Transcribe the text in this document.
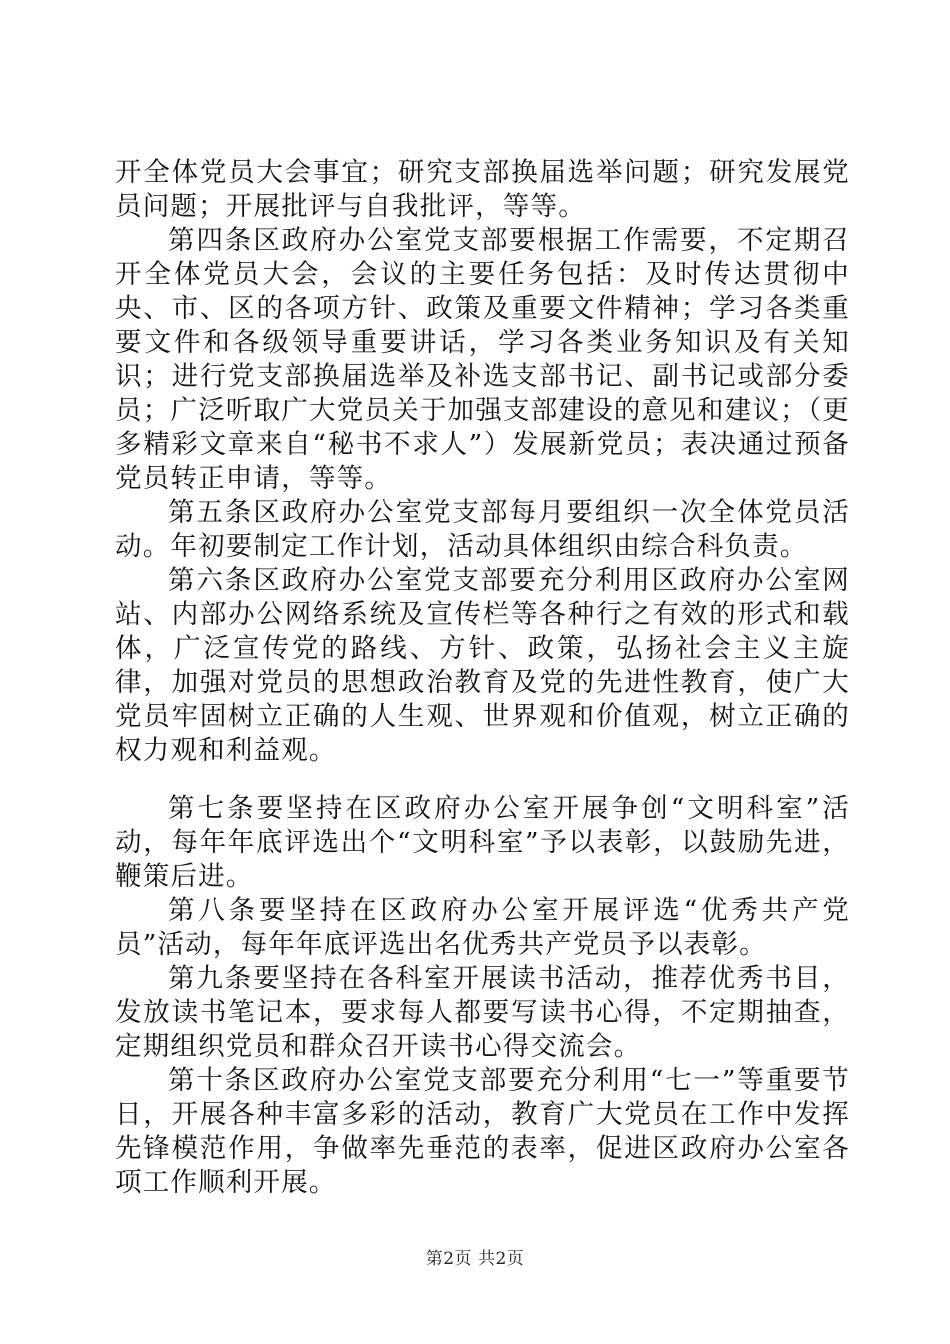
开全体党员大会事宜；研究支部换届选举问题；研究发展党员问题；开展批评与自我批评，等等。

第四条区政府办公室党支部要根据工作需要，不定期召开全体党员大会，会议的主要任务包括：及时传达贯彻中央、市、区的各项方针、政策及重要文件精神；学习各类重要文件和各级领导重要讲话，学习各类业务知识及有关知识；进行党支部换届选举及补选支部书记、副书记或部分委员；广泛听取广大党员关于加强支部建设的意见和建议；（更多精彩文章来自“秘书不求人”）发展新党员；表决通过预备党员转正申请，等等。

第五条区政府办公室党支部每月要组织一次全体党员活动。年初要制定工作计划，活动具体组织由综合科负责。

第六条区政府办公室党支部要充分利用区政府办公室网站、内部办公网络系统及宣传栏等各种行之有效的形式和载体，广泛宣传党的路线、方针、政策，弘扬社会主义主旋律，加强对党员的思想政治教育及党的先进性教育，使广大党员牢固树立正确的人生观、世界观和价值观，树立正确的权力观和利益观。

第七条要坚持在区政府办公室开展争创“文明科室”活动，每年年底评选出个“文明科室”予以表彰，以鼓励先进，鞭策后进。

第八条要坚持在区政府办公室开展评选“优秀共产党员”活动，每年年底评选出名优秀共产党员予以表彰。

第九条要坚持在各科室开展读书活动，推荐优秀书目，发放读书笔记本，要求每人都要写读书心得，不定期抽查，定期组织党员和群众召开读书心得交流会。

第十条区政府办公室党支部要充分利用“七一”等重要节日，开展各种丰富多彩的活动，教育广大党员在工作中发挥先锋模范作用，争做率先垂范的表率，促进区政府办公室各项工作顺利开展。

第2页 共2页
